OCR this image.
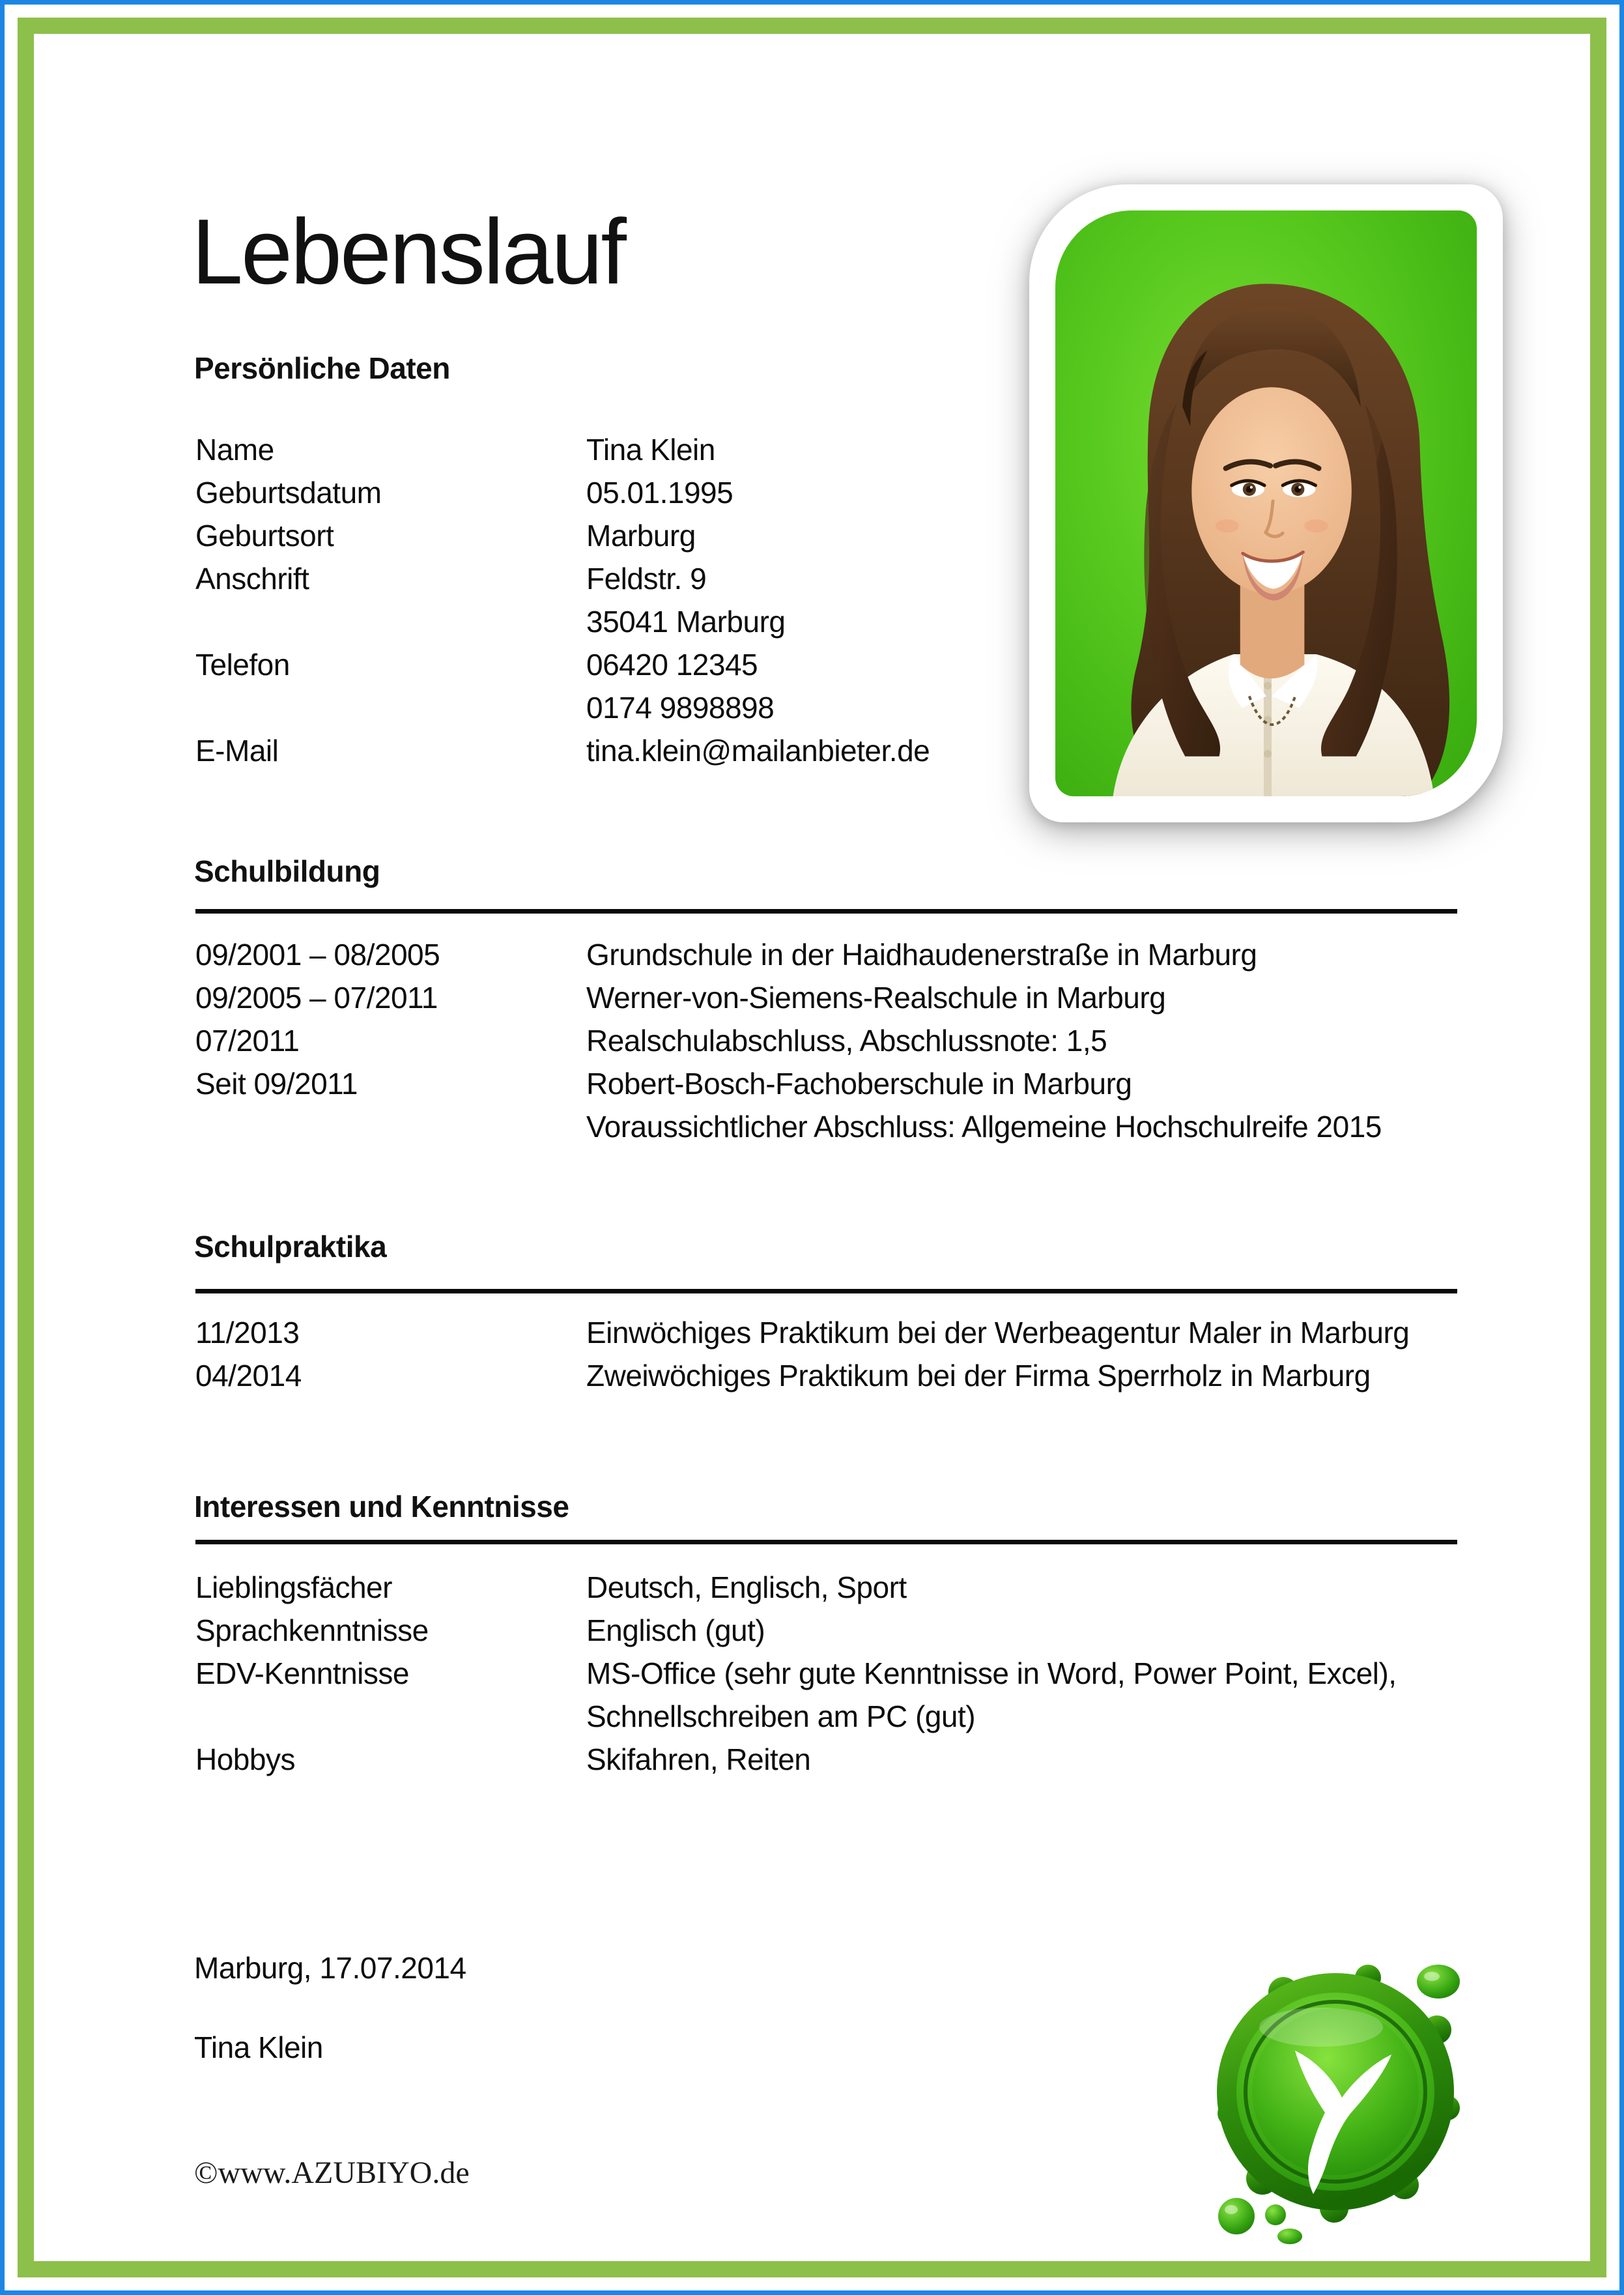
Lebenslauf
Persönliche Daten
Name	Tina Klein
Geburtsdatum	05.01.1995
Geburtsort	Marburg
Anschrift	Feldstr. 9
35041 Marburg
Telefon	06420 12345
0174 9898898
E-Mail	tina.klein@mailanbieter.de
Schulbildung
09/2001 – 08/2005	Grundschule in der Haidhaudenerstraße in Marburg
09/2005 – 07/2011	Werner-von-Siemens-Realschule in Marburg
07/2011	Realschulabschluss, Abschlussnote: 1,5
Seit 09/2011	Robert-Bosch-Fachoberschule in Marburg
Voraussichtlicher Abschluss: Allgemeine Hochschulreife 2015
Schulpraktika
11/2013	Einwöchiges Praktikum bei der Werbeagentur Maler in Marburg
04/2014	Zweiwöchiges Praktikum bei der Firma Sperrholz in Marburg
Interessen und Kenntnisse
Lieblingsfächer	Deutsch, Englisch, Sport
Sprachkenntnisse	Englisch (gut)
EDV-Kenntnisse	MS-Office (sehr gute Kenntnisse in Word, Power Point, Excel),
Schnellschreiben am PC (gut)
Hobbys	Skifahren, Reiten
Marburg, 17.07.2014
Tina Klein
©www.AZUBIYO.de
